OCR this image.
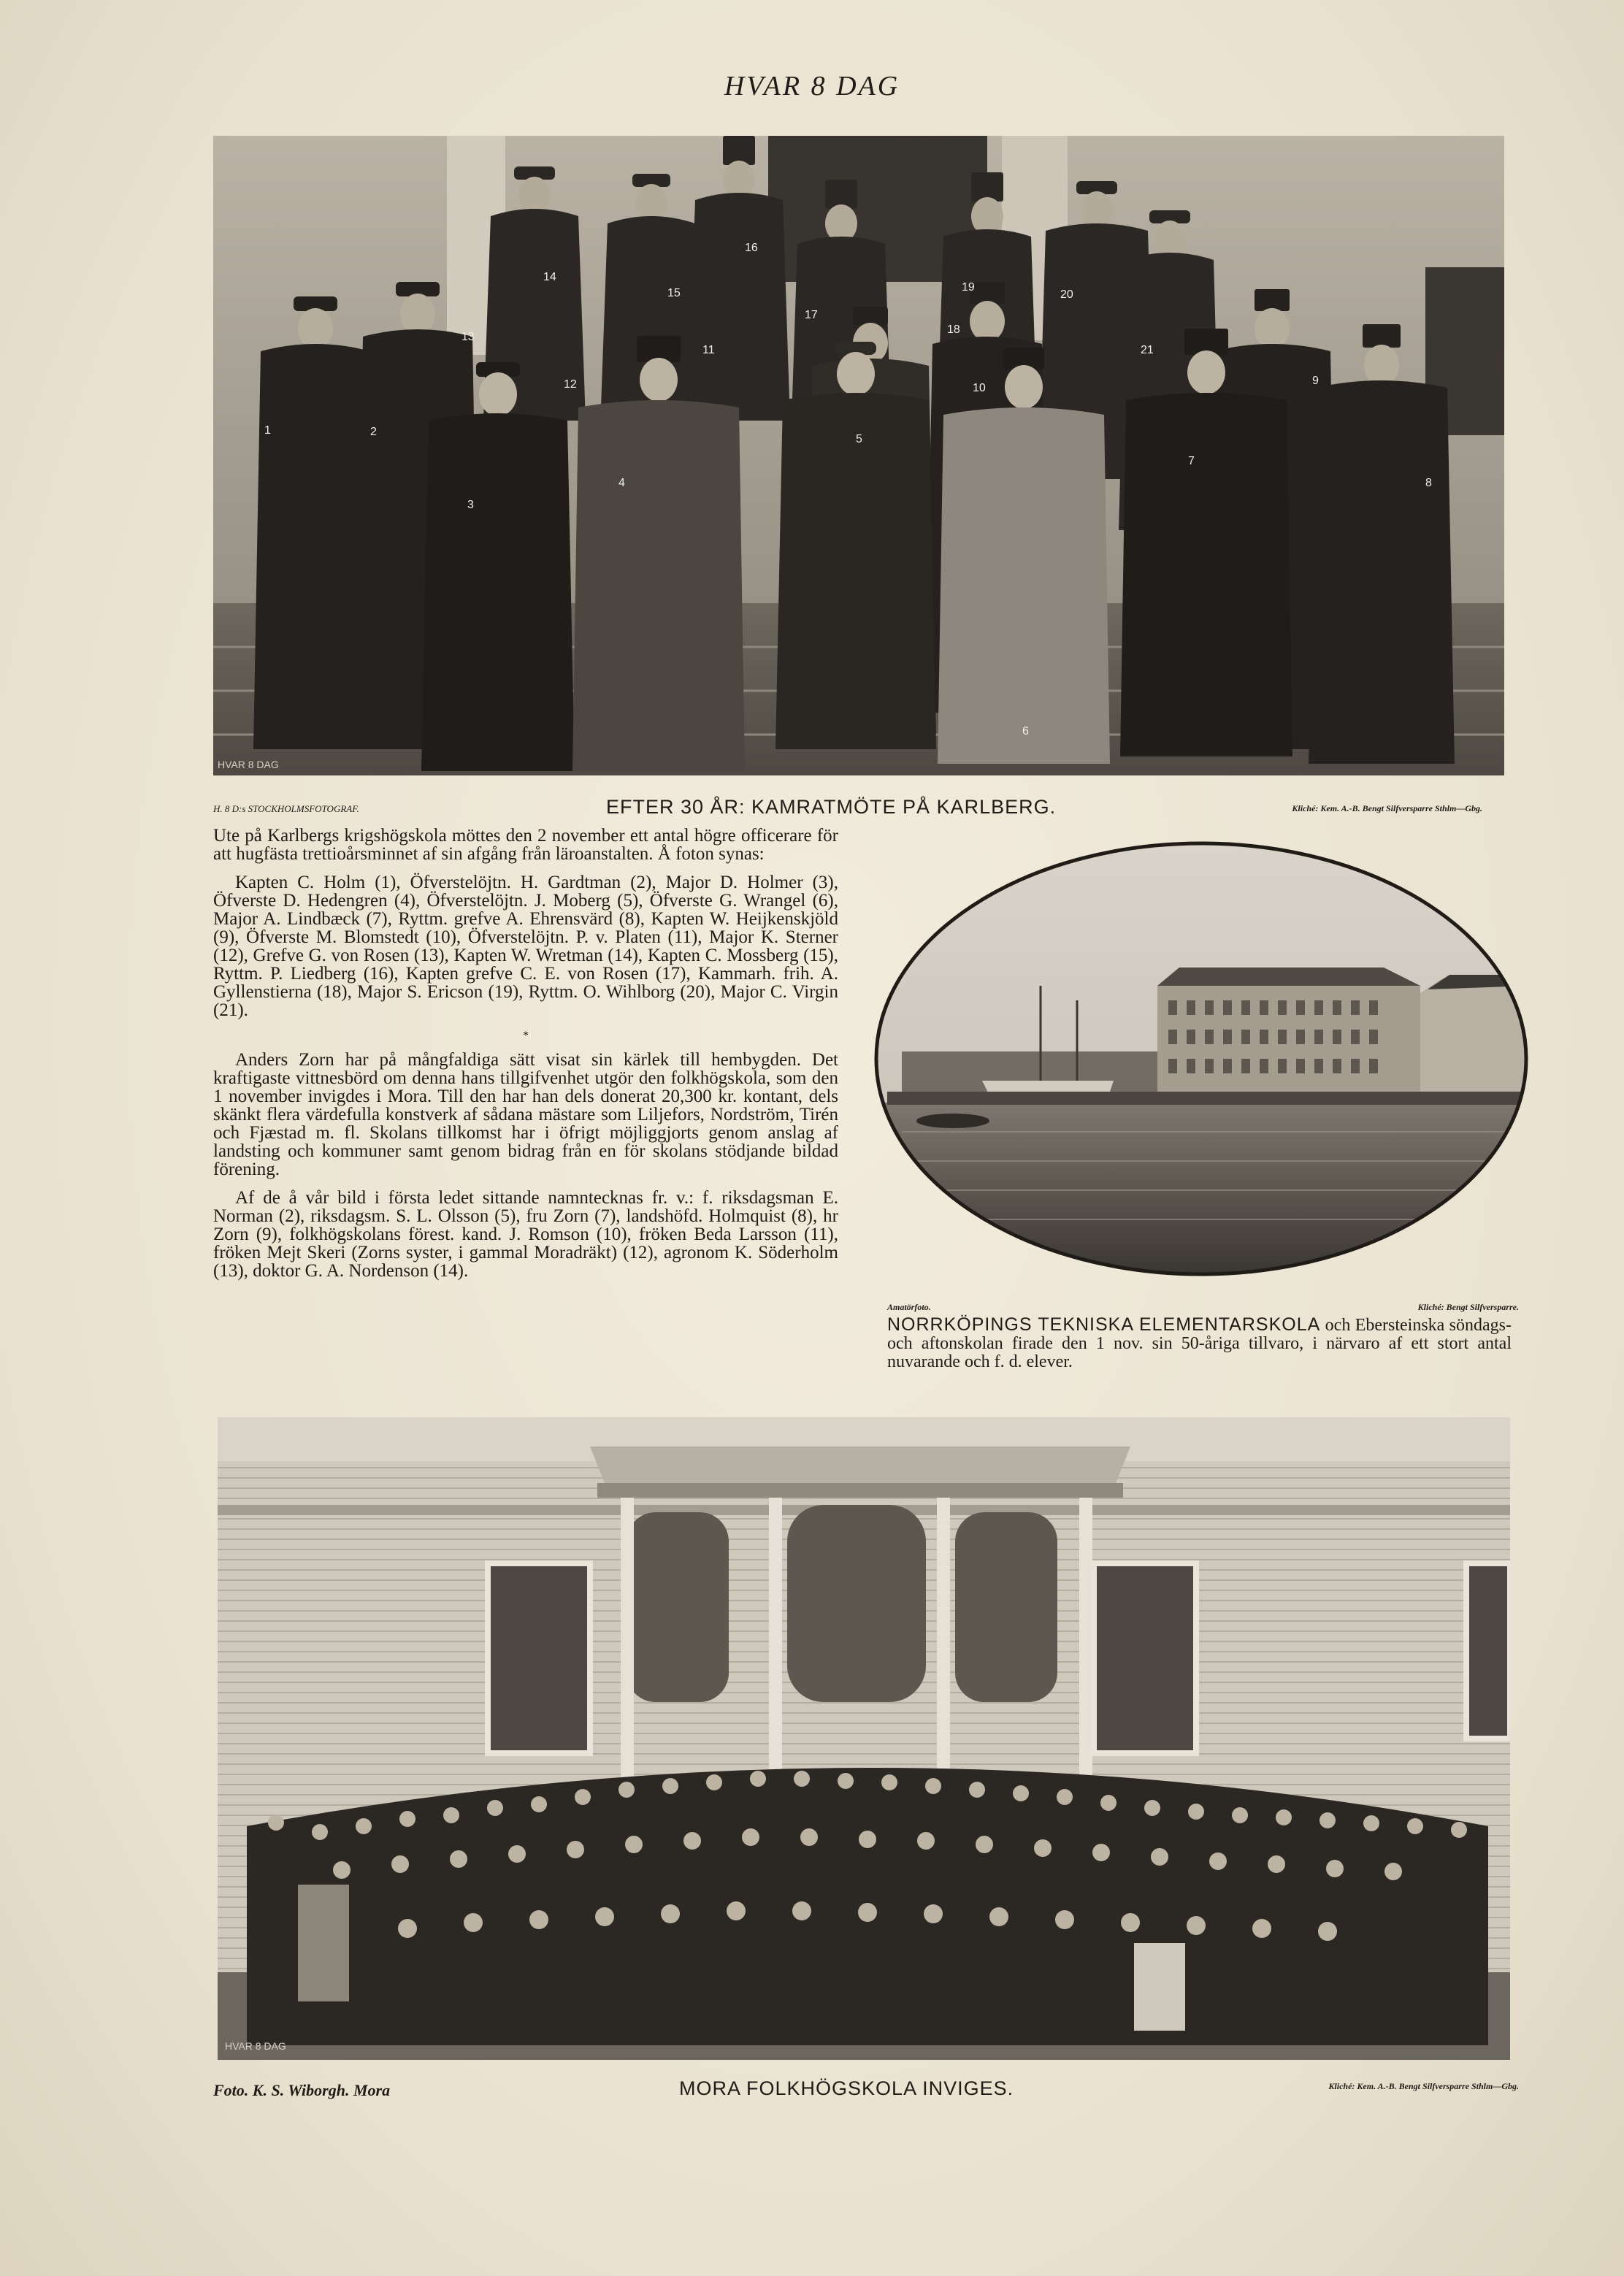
HVAR 8 DAG
1	2
3
4
5
6
7
8
9
10
11
12
13
14
15
16
17
18
19
20
21
HVAR 8 DAG
H. 8 D:s STOCKHOLMSFOTOGRAF.	EFTER 30 ÅR: KAMRATMÖTE PÅ KARLBERG.	Kliché: Kem. A.-B. Bengt Silfversparre Sthlm—Gbg.

Ute på Karlbergs krigshögskola möttes den 2 november ett antal högre officerare för att hugfästa trettioårsminnet af sin afgång från läroanstalten. Å foton synas:

Kapten C. Holm (1), Öfverstelöjtn. H. Gardtman (2), Major D. Holmer (3), Öfverste D. Hedengren (4), Öfverstelöjtn. J. Moberg (5), Öfverste G. Wrangel (6), Major A. Lindbæck (7), Ryttm. grefve A. Ehrensvärd (8), Kapten W. Heijkenskjöld (9), Öfverste M. Blomstedt (10), Öfverstelöjtn. P. v. Platen (11), Major K. Sterner (12), Grefve G. von Rosen (13), Kapten W. Wretman (14), Kapten C. Mossberg (15), Ryttm. P. Liedberg (16), Kapten grefve C. E. von Rosen (17), Kammarh. frih. A. Gyllenstierna (18), Major S. Ericson (19), Ryttm. O. Wihlborg (20), Major C. Virgin (21).

*

Anders Zorn har på mångfaldiga sätt visat sin kärlek till hembygden. Det kraftigaste vittnesbörd om denna hans tillgifvenhet utgör den folkhögskola, som den 1 november invigdes i Mora. Till den har han dels donerat 20,300 kr. kontant, dels skänkt flera värdefulla konstverk af sådana mästare som Liljefors, Nordström, Tirén och Fjæstad m. fl. Skolans tillkomst har i öfrigt möjliggjorts genom anslag af landsting och kommuner samt genom bidrag från en för skolans stödjande bildad förening.

Af de å vår bild i första ledet sittande namntecknas fr. v.: f. riksdagsman E. Norman (2), riksdagsm. S. L. Olsson (5), fru Zorn (7), landshöfd. Holmquist (8), hr Zorn (9), folkhögskolans förest. kand. J. Romson (10), fröken Beda Larsson (11), fröken Mejt Skeri (Zorns syster, i gammal Moradräkt) (12), agronom K. Söderholm (13), doktor G. A. Nordenson (14).

Amatörfoto.	Kliché: Bengt Silfversparre.
NORRKÖPINGS TEKNISKA ELEMENTARSKOLA och Ebersteinska söndags- och aftonskolan firade den 1 nov. sin 50-åriga tillvaro, i närvaro af ett stort antal nuvarande och f. d. elever.
HVAR 8 DAG
Foto. K. S. Wiborgh. Mora	MORA FOLKHÖGSKOLA INVIGES.	Kliché: Kem. A.-B. Bengt Silfversparre Sthlm—Gbg.
